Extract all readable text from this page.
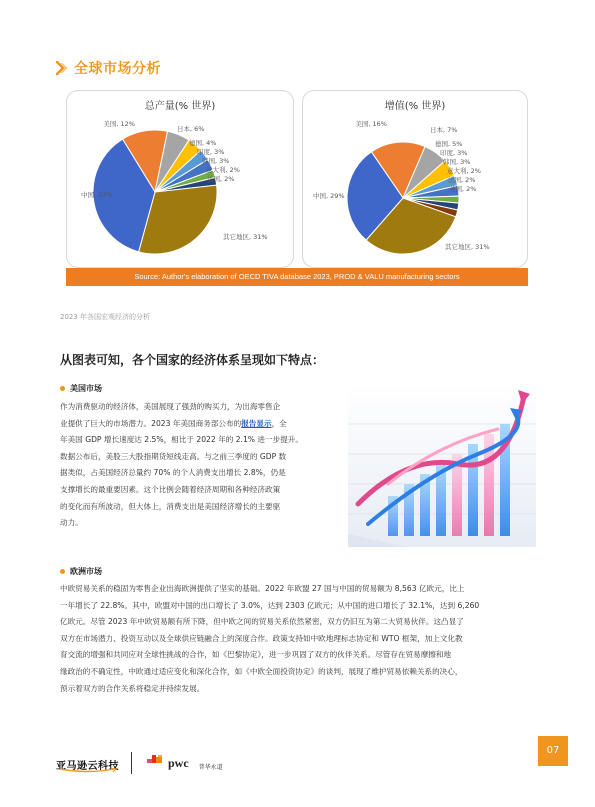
全球市场分析
总产量(% 世界)
美国, 12%
日本, 6%
德国, 4%
印度, 3%
韩国, 3%
意大利, 2%
法国, 2%
其它地区, 31%
中国, 37%
增值(% 世界)
美国, 16%
日本, 7%
德国, 5%
印度, 3%
韩国, 3%
意大利, 2%
法国, 2%
英国, 2%
其它地区, 31%
中国, 29%
Source: Author's elaboration of OECD TIVA database 2023, PROD & VALU manufacturing sectors
2023 年各国宏观经济的分析
从图表可知，各个国家的经济体系呈现如下特点：
美国市场
作为消费驱动的经济体，美国展现了强劲的购买力，为出海零售企
业提供了巨大的市场潜力。2023 年美国商务部公布的报告显示，全
年美国 GDP 增长速度达 2.5%，相比于 2022 年的 2.1% 进一步提升。
数据公布后，美股三大股指期货短线走高。与之前三季度的 GDP 数
据类似，占美国经济总量约 70% 的个人消费支出增长 2.8%，仍是
支撑增长的最重要因素。这个比例会随着经济周期和各种经济政策
的变化而有所波动，但大体上，消费支出是美国经济增长的主要驱
动力。
欧洲市场
中欧贸易关系的稳固为零售企业出海欧洲提供了坚实的基础。2022 年欧盟 27 国与中国的贸易额为 8,563 亿欧元，比上
一年增长了 22.8%。其中，欧盟对中国的出口增长了 3.0%，达到 2303 亿欧元；从中国的进口增长了 32.1%，达到 6,260
亿欧元。尽管 2023 年中欧贸易额有所下降，但中欧之间的贸易关系依然紧密，双方仍旧互为第二大贸易伙伴。这凸显了
双方在市场潜力、投资互动以及全球供应链融合上的深度合作。政策支持如中欧地理标志协定和 WTO 框架，加上文化教
育交流的增强和共同应对全球性挑战的合作，如《巴黎协定》，进一步巩固了双方的伙伴关系。尽管存在贸易摩擦和地
缘政治的不确定性，中欧通过适应变化和深化合作，如《中欧全面投资协定》的谈判，展现了维护贸易依赖关系的决心，
预示着双方的合作关系将稳定并持续发展。
亚马逊云科技	pwc 普华永道
07
